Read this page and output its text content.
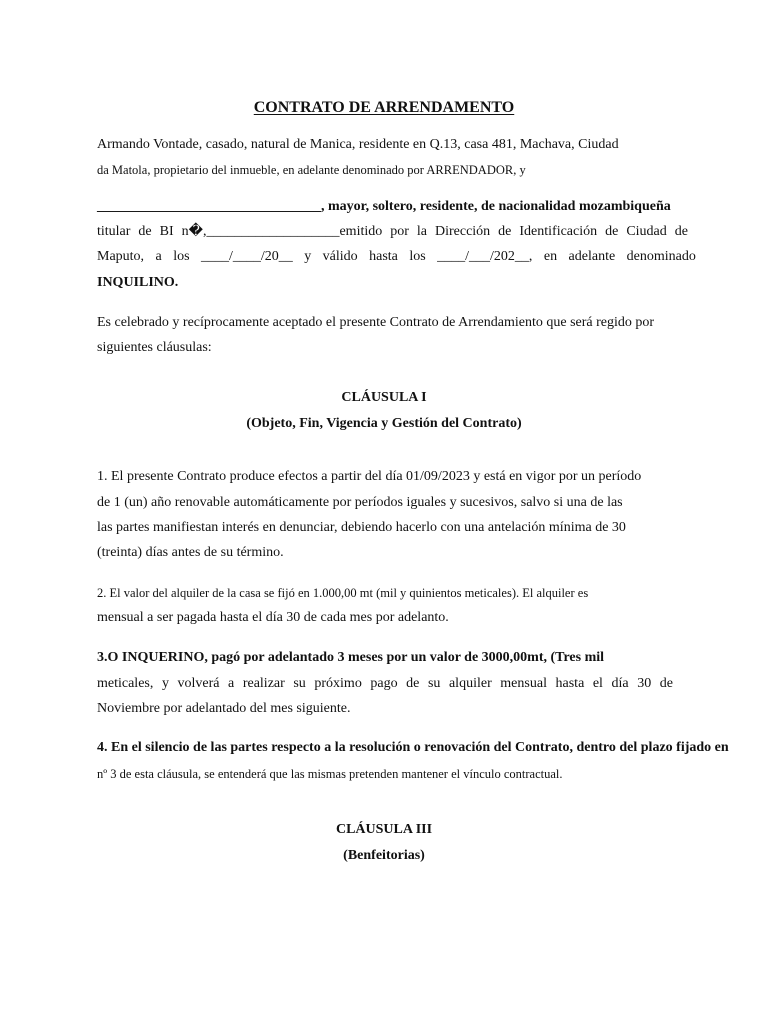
CONTRATO DE ARRENDAMENTO
Armando Vontade, casado, natural de Manica, residente en Q.13, casa 481, Machava, Ciudad
da Matola, propietario del inmueble, en adelante denominado por ARRENDADOR, y
________________________________, mayor, soltero, residente, de nacionalidad mozambiqueña
titular de BI n�,___________________emitido por la Dirección de Identificación de Ciudad de
Maputo, a los ____/____/20__ y válido hasta los ____/___/202__, en adelante denominado
INQUILINO.
Es celebrado y recíprocamente aceptado el presente Contrato de Arrendamiento que será regido por
siguientes cláusulas:
CLÁUSULA I
(Objeto, Fin, Vigencia y Gestión del Contrato)
1. El presente Contrato produce efectos a partir del día 01/09/2023 y está en vigor por un período
de 1 (un) año renovable automáticamente por períodos iguales y sucesivos, salvo si una de las
las partes manifiestan interés en denunciar, debiendo hacerlo con una antelación mínima de 30
(treinta) días antes de su término.
2. El valor del alquiler de la casa se fijó en 1.000,00 mt (mil y quinientos meticales). El alquiler es
mensual a ser pagada hasta el día 30 de cada mes por adelanto.
3.O INQUERINO, pagó por adelantado 3 meses por un valor de 3000,00mt, (Tres mil
meticales, y volverá a realizar su próximo pago de su alquiler mensual hasta el día 30 de
Noviembre por adelantado del mes siguiente.
4. En el silencio de las partes respecto a la resolución o renovación del Contrato, dentro del plazo fijado en
nº 3 de esta cláusula, se entenderá que las mismas pretenden mantener el vínculo contractual.
CLÁUSULA III
(Benfeitorias)
